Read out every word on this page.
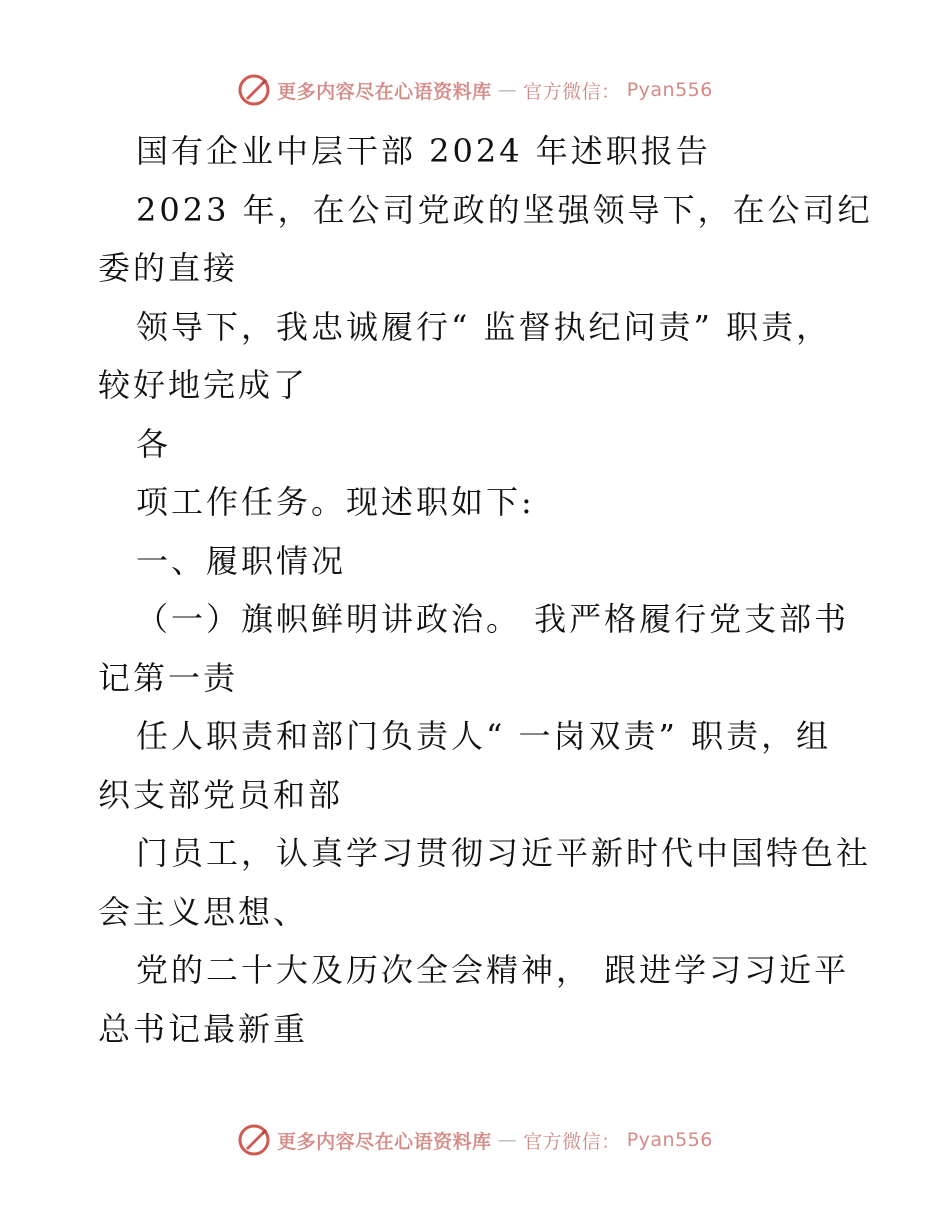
更多内容尽在心语资料库 — 官方微信： Pyan556
国有企业中层干部 2024 年述职报告
2023 年，在公司党政的坚强领导下，在公司纪
委的直接
领导下，我忠诚履行“ 监督执纪问责” 职责，
较好地完成了
各
项工作任务。现述职如下:
一、履职情况
（一）旗帜鲜明讲政治。 我严格履行党支部书
记第一责
任人职责和部门负责人“ 一岗双责” 职责，组
织支部党员和部
门员工，认真学习贯彻习近平新时代中国特色社
会主义思想、
党的二十大及历次全会精神， 跟进学习习近平
总书记最新重
更多内容尽在心语资料库 — 官方微信： Pyan556
